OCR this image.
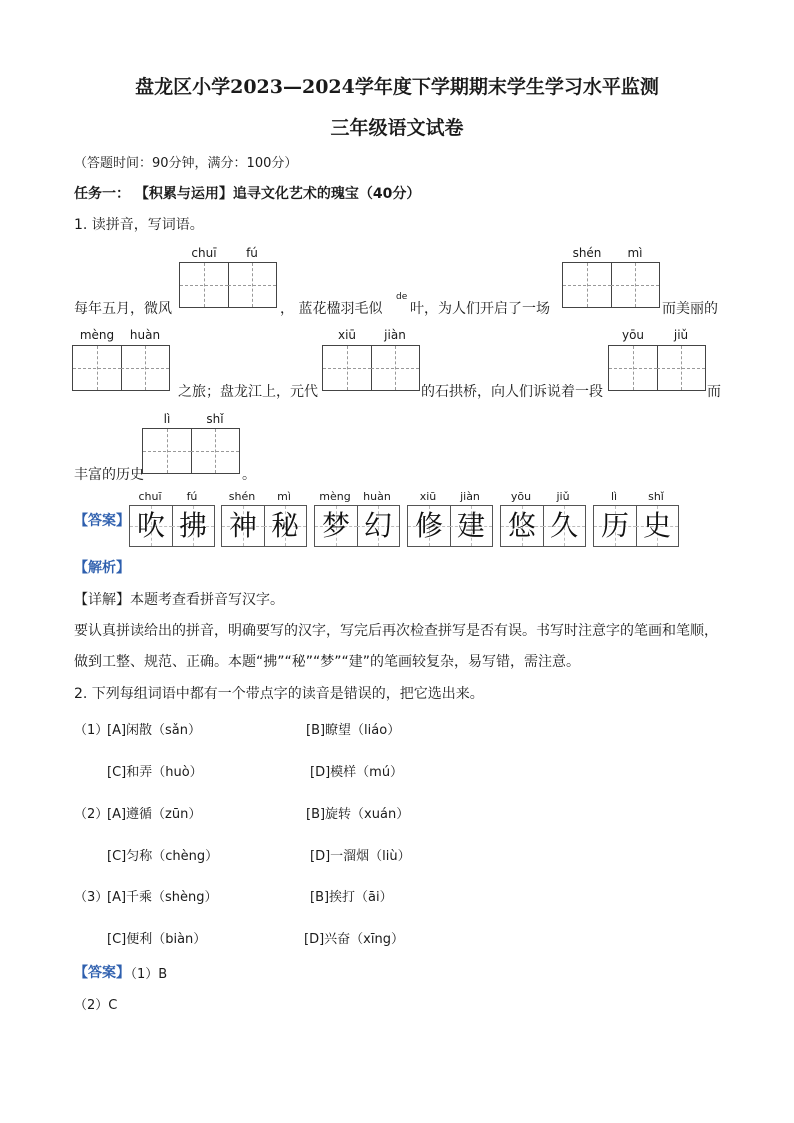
盘龙区小学2023—2024学年度下学期期末学生学习水平监测
三年级语文试卷
（答题时间：90分钟，满分：100分）
任务一： 【积累与运用】追寻文化艺术的瑰宝（40分）
1. 读拼音，写词语。
chuī	fú	shén	mì
每年五月，微风	， 蓝花楹羽毛似
de
叶，为人们开启了一场	而美丽的
mèng	huàn	xiū	jiàn	yōu	jiǔ
之旅；盘龙江上，元代	的石拱桥，向人们诉说着一段	而
lì	shǐ
丰富的历史	。
【答案】
chuī	fú
吹 拂
shén	mì
神 秘
mèng	huàn
梦 幻
xiū	jiàn
修 建
yōu	jiǔ
悠 久
lì	shǐ
历 史
【解析】
【详解】本题考查看拼音写汉字。
要认真拼读给出的拼音，明确要写的汉字，写完后再次检查拼写是否有误。书写时注意字的笔画和笔顺，
做到工整、规范、正确。本题“拂”“秘”“梦”“建”的笔画较复杂，易写错，需注意。
2. 下列每组词语中都有一个带点字的读音是错误的，把它选出来。
（1）
[A]闲散（sǎn）	[B]瞭望（liáo）
[C]和弄（huò）	[D]模样（mú）
（2）
[A]遵循（zūn）	[B]旋转（xuán）
[C]匀称（chèng）	[D]一溜烟（liù）
（3）
[A]千乘（shèng）	[B]挨打（āi）
[C]便利（biàn）	[D]兴奋（xīng）
【答案】
（1）B
（2）C
